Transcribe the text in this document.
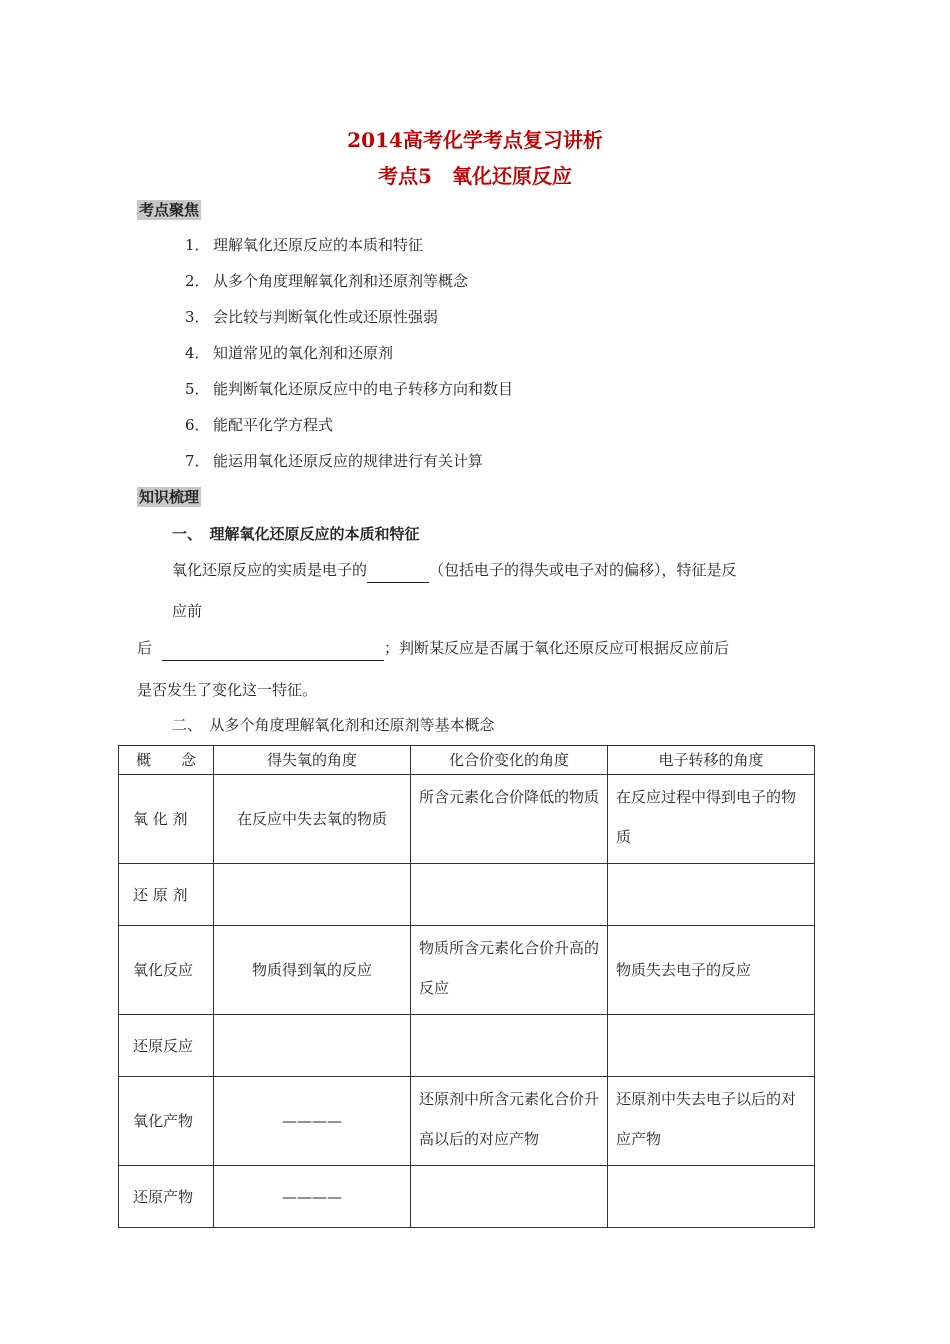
2014高考化学考点复习讲析
考点5　氧化还原反应
考点聚焦
1． 理解氧化还原反应的本质和特征
2． 从多个角度理解氧化剂和还原剂等概念
3． 会比较与判断氧化性或还原性强弱
4． 知道常见的氧化剂和还原剂
5． 能判断氧化还原反应中的电子转移方向和数目
6． 能配平化学方程式
7． 能运用氧化还原反应的规律进行有关计算
知识梳理
一、　理解氧化还原反应的本质和特征
氧化还原反应的实质是电子的	（包括电子的得失或电子对的偏移），特征是反
应前
后	；判断某反应是否属于氧化还原反应可根据反应前后
是否发生了变化这一特征。
二、　从多个角度理解氧化剂和还原剂等基本概念
概　　念	得失氧的角度	化合价变化的角度	电子转移的角度
氧 化 剂	在反应中失去氧的物质	所含元素化合价降低的物质	在反应过程中得到电子的物质
还 原 剂			
氧化反应	物质得到氧的反应	物质所含元素化合价升高的反应	物质失去电子的反应
还原反应			
氧化产物	————	还原剂中所含元素化合价升高以后的对应产物	还原剂中失去电子以后的对应产物
还原产物	————		
